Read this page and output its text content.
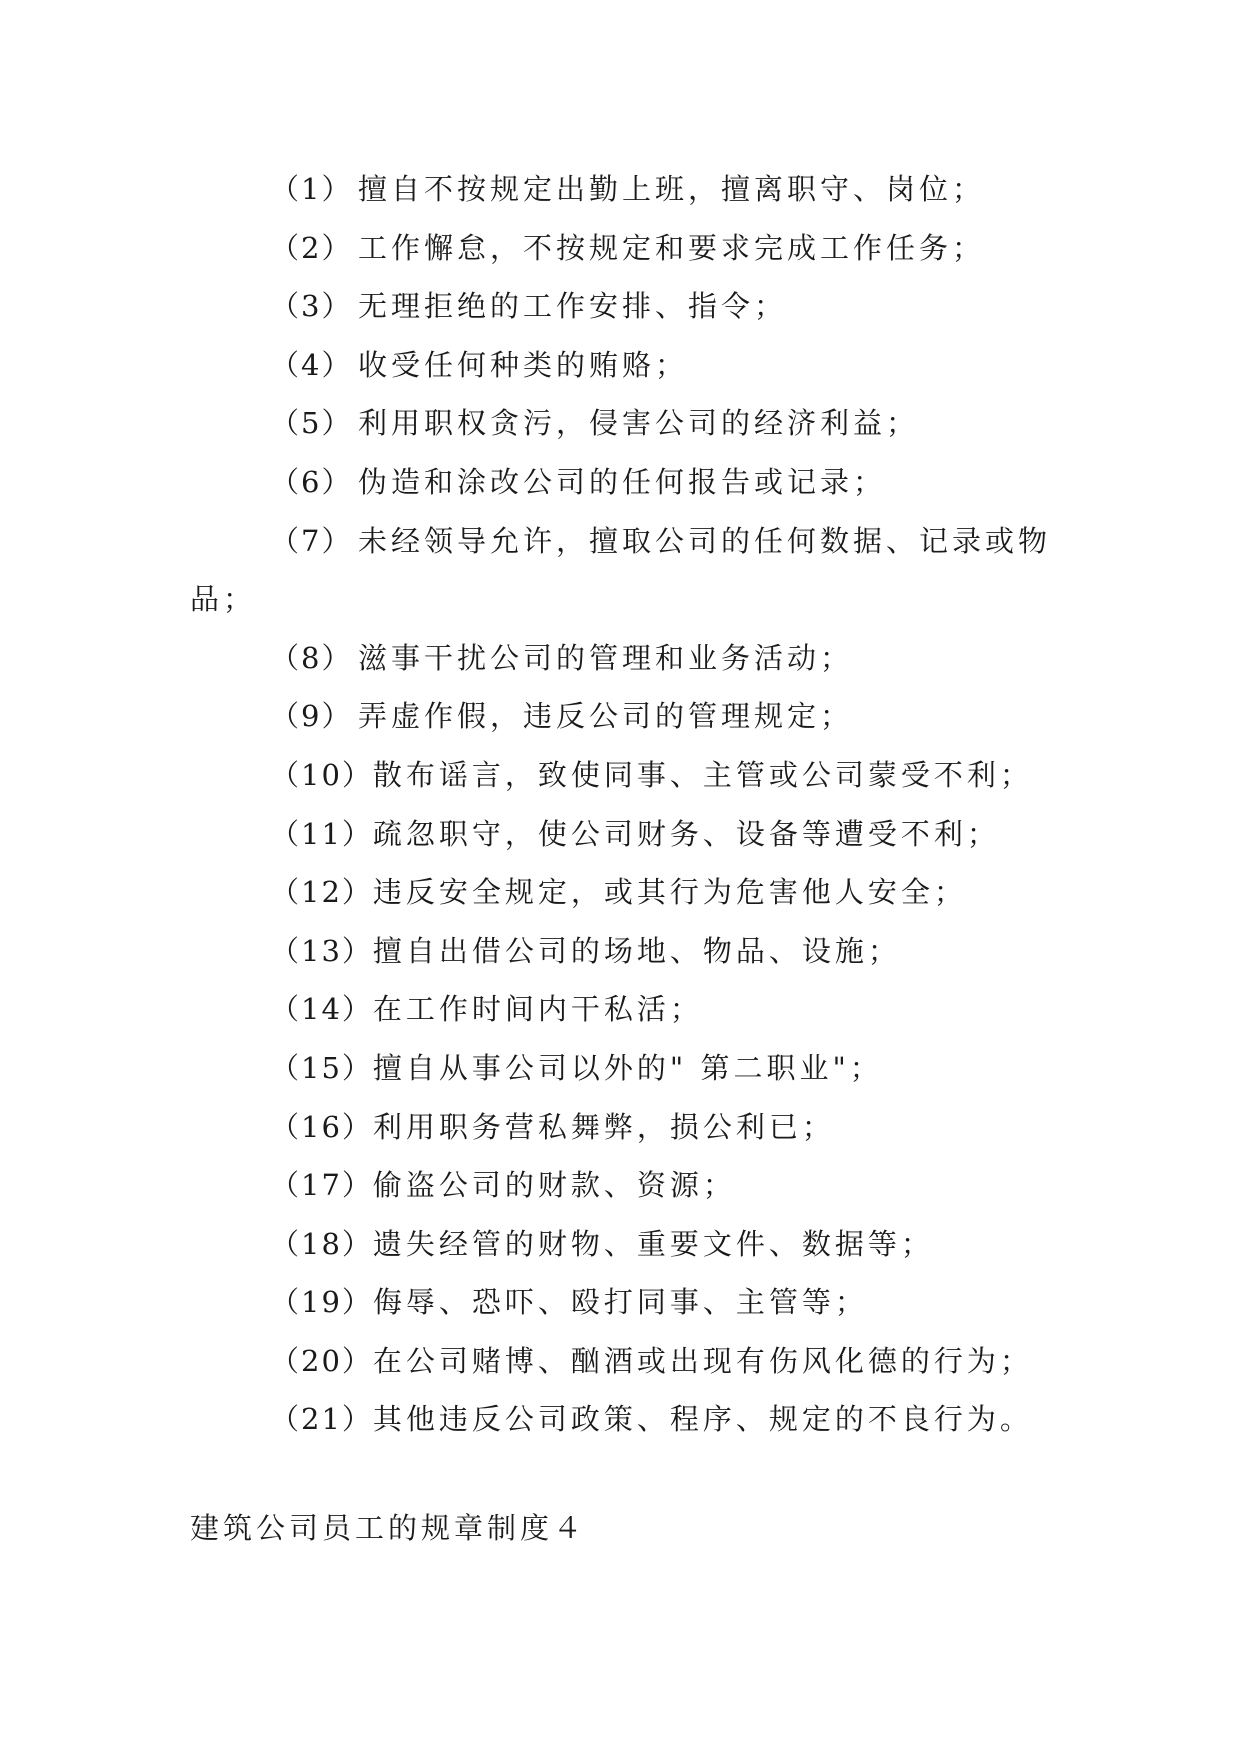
（1） 擅自不按规定出勤上班，擅离职守、岗位；
（2） 工作懈怠，不按规定和要求完成工作任务；
（3） 无理拒绝的工作安排、指令；
（4） 收受任何种类的贿赂；
（5） 利用职权贪污，侵害公司的经济利益；
（6） 伪造和涂改公司的任何报告或记录；
（7） 未经领导允许，擅取公司的任何数据、记录或物品；
（8） 滋事干扰公司的管理和业务活动；
（9） 弄虚作假，违反公司的管理规定；
（10）散布谣言，致使同事、主管或公司蒙受不利；
（11）疏忽职守，使公司财务、设备等遭受不利；
（12）违反安全规定，或其行为危害他人安全；
（13）擅自出借公司的场地、物品、设施；
（14）在工作时间内干私活；
（15）擅自从事公司以外的" 第二职业"；
（16）利用职务营私舞弊，损公利已；
（17）偷盗公司的财款、资源；
（18）遗失经管的财物、重要文件、数据等；
（19）侮辱、恐吓、殴打同事、主管等；
（20）在公司赌博、酗酒或出现有伤风化德的行为；
（21）其他违反公司政策、程序、规定的不良行为。
建筑公司员工的规章制度４
